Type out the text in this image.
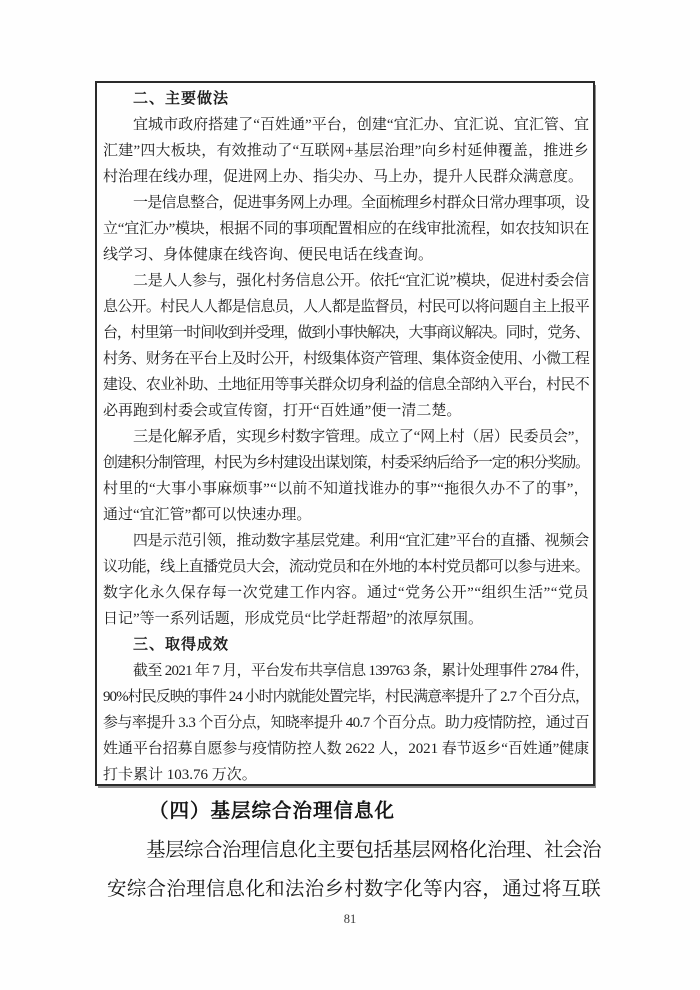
二、主要做法
宜城市政府搭建了“百姓通”平台，创建“宜汇办、宜汇说、宜汇管、宜
汇建”四大板块，有效推动了“互联网+基层治理”向乡村延伸覆盖，推进乡
村治理在线办理，促进网上办、指尖办、马上办，提升人民群众满意度。
一是信息整合，促进事务网上办理。全面梳理乡村群众日常办理事项，设
立“宜汇办”模块，根据不同的事项配置相应的在线审批流程，如农技知识在
线学习、身体健康在线咨询、便民电话在线查询。
二是人人参与，强化村务信息公开。依托“宜汇说”模块，促进村委会信
息公开。村民人人都是信息员，人人都是监督员，村民可以将问题自主上报平
台，村里第一时间收到并受理，做到小事快解决，大事商议解决。同时，党务、
村务、财务在平台上及时公开，村级集体资产管理、集体资金使用、小微工程
建设、农业补助、土地征用等事关群众切身利益的信息全部纳入平台，村民不
必再跑到村委会或宣传窗，打开“百姓通”便一清二楚。
三是化解矛盾，实现乡村数字管理。成立了“网上村（居）民委员会”，
创建积分制管理，村民为乡村建设出谋划策，村委采纳后给予一定的积分奖励。
村里的“大事小事麻烦事”“以前不知道找谁办的事”“拖很久办不了的事”，
通过“宜汇管”都可以快速办理。
四是示范引领，推动数字基层党建。利用“宜汇建”平台的直播、视频会
议功能，线上直播党员大会，流动党员和在外地的本村党员都可以参与进来。
数字化永久保存每一次党建工作内容。通过“党务公开”“组织生活”“党员
日记”等一系列话题，形成党员“比学赶帮超”的浓厚氛围。
三、取得成效
截至 2021 年 7 月，平台发布共享信息 139763 条，累计处理事件 2784 件，
90%村民反映的事件 24 小时内就能处置完毕，村民满意率提升了 2.7 个百分点，
参与率提升 3.3 个百分点，知晓率提升 40.7 个百分点。助力疫情防控，通过百
姓通平台招募自愿参与疫情防控人数 2622 人，2021 春节返乡“百姓通”健康
打卡累计 103.76 万次。
（四）基层综合治理信息化
基层综合治理信息化主要包括基层网格化治理、社会治
安综合治理信息化和法治乡村数字化等内容，通过将互联
81
